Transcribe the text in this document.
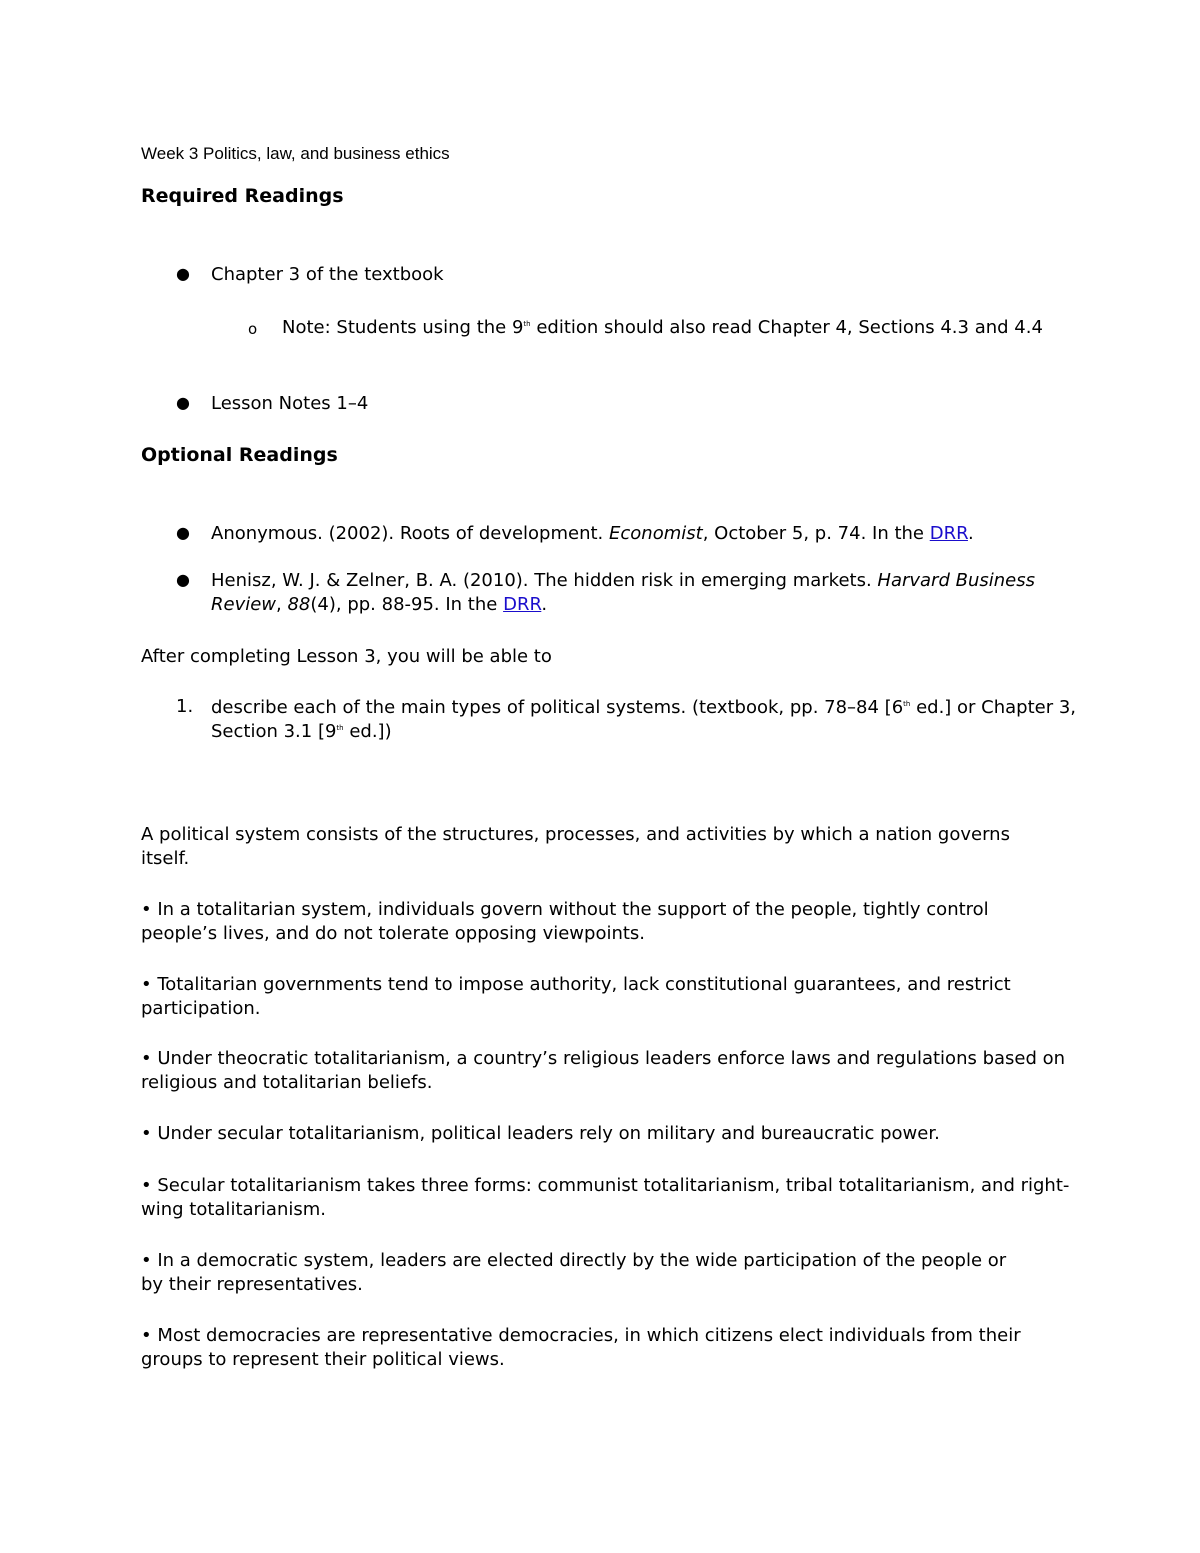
Week 3 Politics, law, and business ethics
Required Readings
● Chapter 3 of the textbook
o Note: Students using the 9th edition should also read Chapter 4, Sections 4.3 and 4.4
● Lesson Notes 1–4
Optional Readings
● Anonymous. (2002). Roots of development. Economist, October 5, p. 74. In the DRR.
● Henisz, W. J. & Zelner, B. A. (2010). The hidden risk in emerging markets. Harvard Business Review, 88(4), pp. 88-95. In the DRR.
After completing Lesson 3, you will be able to
1. describe each of the main types of political systems. (textbook, pp. 78–84 [6th ed.] or Chapter 3, Section 3.1 [9th ed.])
A political system consists of the structures, processes, and activities by which a nation governs itself.
• In a totalitarian system, individuals govern without the support of the people, tightly control people’s lives, and do not tolerate opposing viewpoints.
• Totalitarian governments tend to impose authority, lack constitutional guarantees, and restrict participation.
• Under theocratic totalitarianism, a country’s religious leaders enforce laws and regulations based on religious and totalitarian beliefs.
• Under secular totalitarianism, political leaders rely on military and bureaucratic power.
• Secular totalitarianism takes three forms: communist totalitarianism, tribal totalitarianism, and right-wing totalitarianism.
• In a democratic system, leaders are elected directly by the wide participation of the people or by their representatives.
• Most democracies are representative democracies, in which citizens elect individuals from their groups to represent their political views.
